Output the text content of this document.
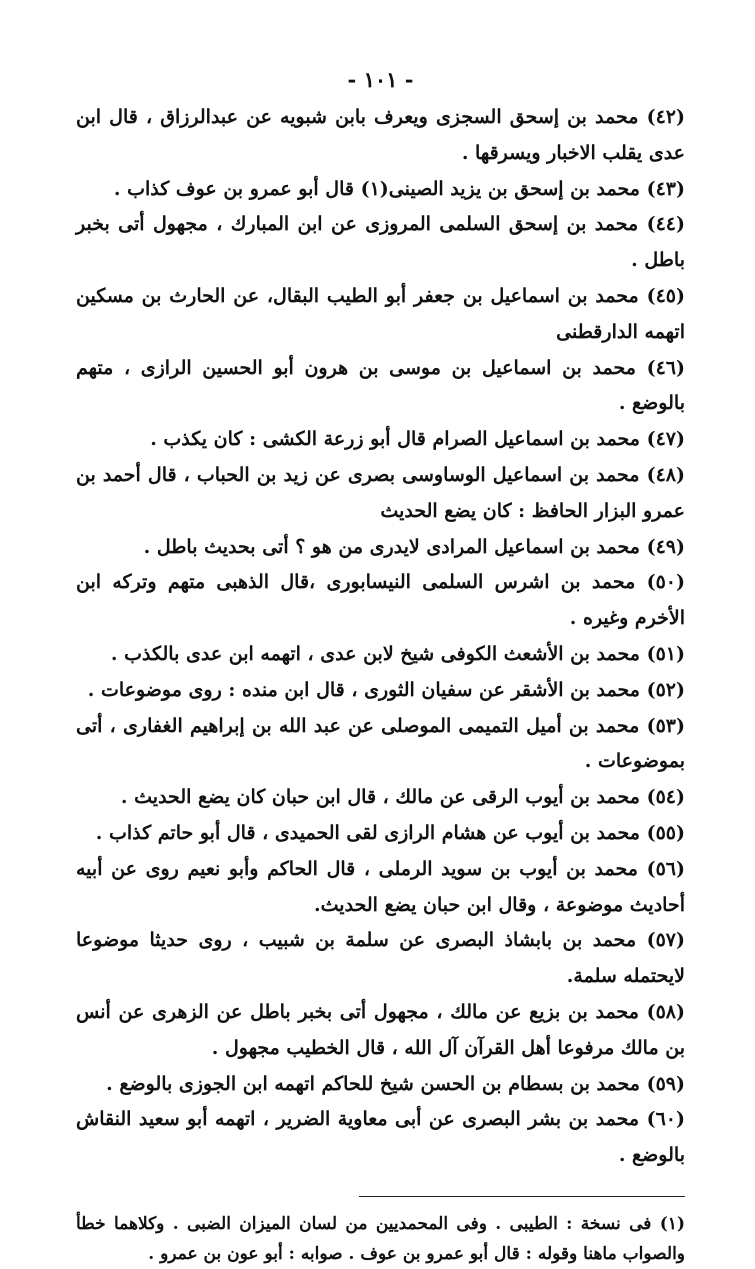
- ١٠١ -
(٤٢) محمد بن إسحق السجزى ويعرف بابن شبويه عن عبدالرزاق ، قال ابن عدى يقلب الاخبار ويسرقها .
(٤٣) محمد بن إسحق بن يزيد الصينى(١) قال أبو عمرو بن عوف كذاب .
(٤٤) محمد بن إسحق السلمى المروزى عن ابن المبارك ، مجهول أتى بخبر باطل .
(٤٥) محمد بن اسماعيل بن جعفر أبو الطيب البقال، عن الحارث بن مسكين اتهمه الدارقطنى
(٤٦) محمد بن اسماعيل بن موسى بن هرون أبو الحسين الرازى ، متهم بالوضع .
(٤٧) محمد بن اسماعيل الصرام قال أبو زرعة الكشى : كان يكذب .
(٤٨) محمد بن اسماعيل الوساوسى بصرى عن زيد بن الحباب ، قال أحمد بن عمرو البزار الحافظ : كان يضع الحديث
(٤٩) محمد بن اسماعيل المرادى لايدرى من هو ؟ أتى بحديث باطل .
(٥٠) محمد بن اشرس السلمى النيسابورى ،قال الذهبى متهم وتركه ابن الأخرم وغيره .
(٥١) محمد بن الأشعث الكوفى شيخ لابن عدى ، اتهمه ابن عدى بالكذب .
(٥٢) محمد بن الأشقر عن سفيان الثورى ، قال ابن منده : روى موضوعات .
(٥٣) محمد بن أميل التميمى الموصلى عن عبد الله بن إبراهيم الغفارى ، أتى بموضوعات .
(٥٤) محمد بن أيوب الرقى عن مالك ، قال ابن حبان كان يضع الحديث .
(٥٥) محمد بن أيوب عن هشام الرازى لقى الحميدى ، قال أبو حاتم كذاب .
(٥٦) محمد بن أيوب بن سويد الرملى ، قال الحاكم وأبو نعيم روى عن أبيه أحاديث موضوعة ، وقال ابن حبان يضع الحديث.
(٥٧) محمد بن بابشاذ البصرى عن سلمة بن شبيب ، روى حديثا موضوعا لايحتمله سلمة.
(٥٨) محمد بن بزيع عن مالك ، مجهول أتى بخبر باطل عن الزهرى عن أنس بن مالك مرفوعا أهل القرآن آل الله ، قال الخطيب مجهول .
(٥٩) محمد بن بسطام بن الحسن شيخ للحاكم اتهمه ابن الجوزى بالوضع .
(٦٠) محمد بن بشر البصرى عن أبى معاوية الضرير ، اتهمه أبو سعيد النقاش بالوضع .
(١) فى نسخة : الطيبى . وفى المحمديين من لسان الميزان الضبى . وكلاهما خطأ والصواب ماهنا وقوله : قال أبو عمرو بن عوف . صوابه : أبو عون بن عمرو .
